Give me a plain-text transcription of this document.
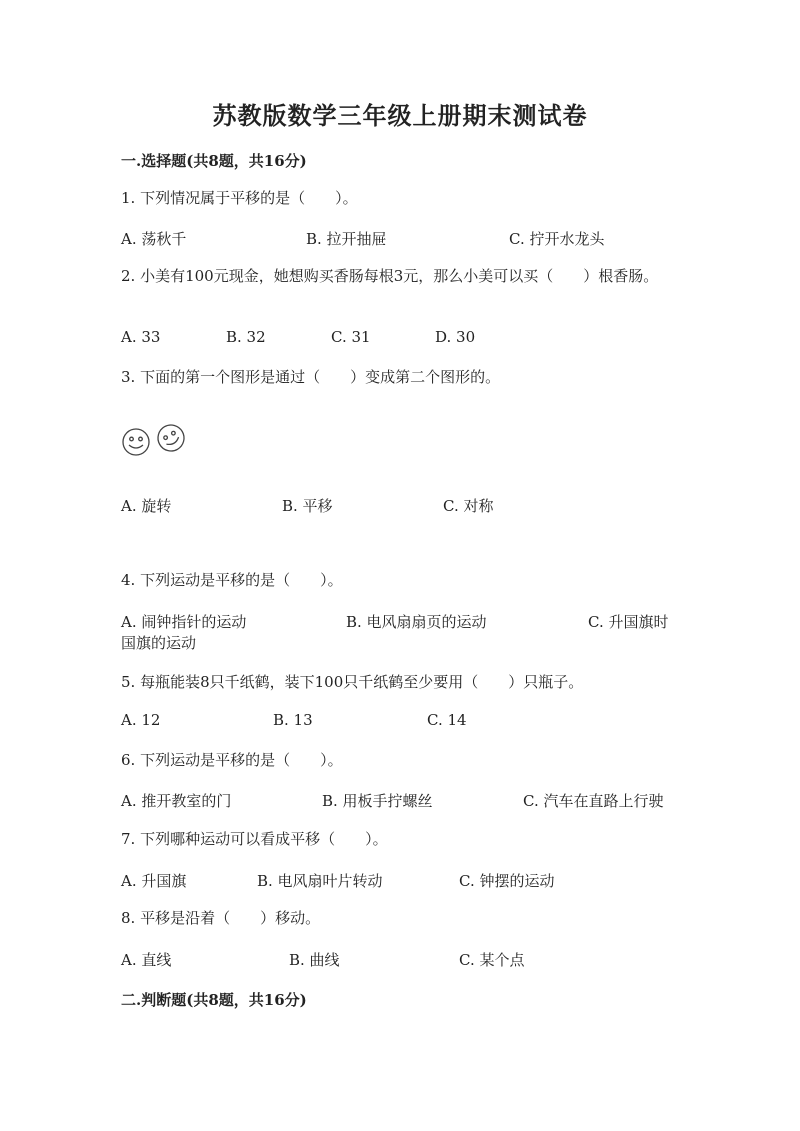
苏教版数学三年级上册期末测试卷
一.选择题(共8题，共16分)
1. 下列情况属于平移的是（　　）。
A. 荡秋千	B. 拉开抽屉	C. 拧开水龙头
2. 小美有100元现金，她想购买香肠每根3元，那么小美可以买（　　）根香肠。
A. 33	B. 32	C. 31	D. 30
3. 下面的第一个图形是通过（　　）变成第二个图形的。
A. 旋转	B. 平移	C. 对称
4. 下列运动是平移的是（　　）。
A. 闹钟指针的运动	B. 电风扇扇页的运动	C. 升国旗时
国旗的运动
5. 每瓶能装8只千纸鹤，装下100只千纸鹤至少要用（　　）只瓶子。
A. 12	B. 13	C. 14
6. 下列运动是平移的是（　　）。
A. 推开教室的门	B. 用板手拧螺丝	C. 汽车在直路上行驶
7. 下列哪种运动可以看成平移（　　）。
A. 升国旗	B. 电风扇叶片转动	C. 钟摆的运动
8. 平移是沿着（　　）移动。
A. 直线	B. 曲线	C. 某个点
二.判断题(共8题，共16分)
